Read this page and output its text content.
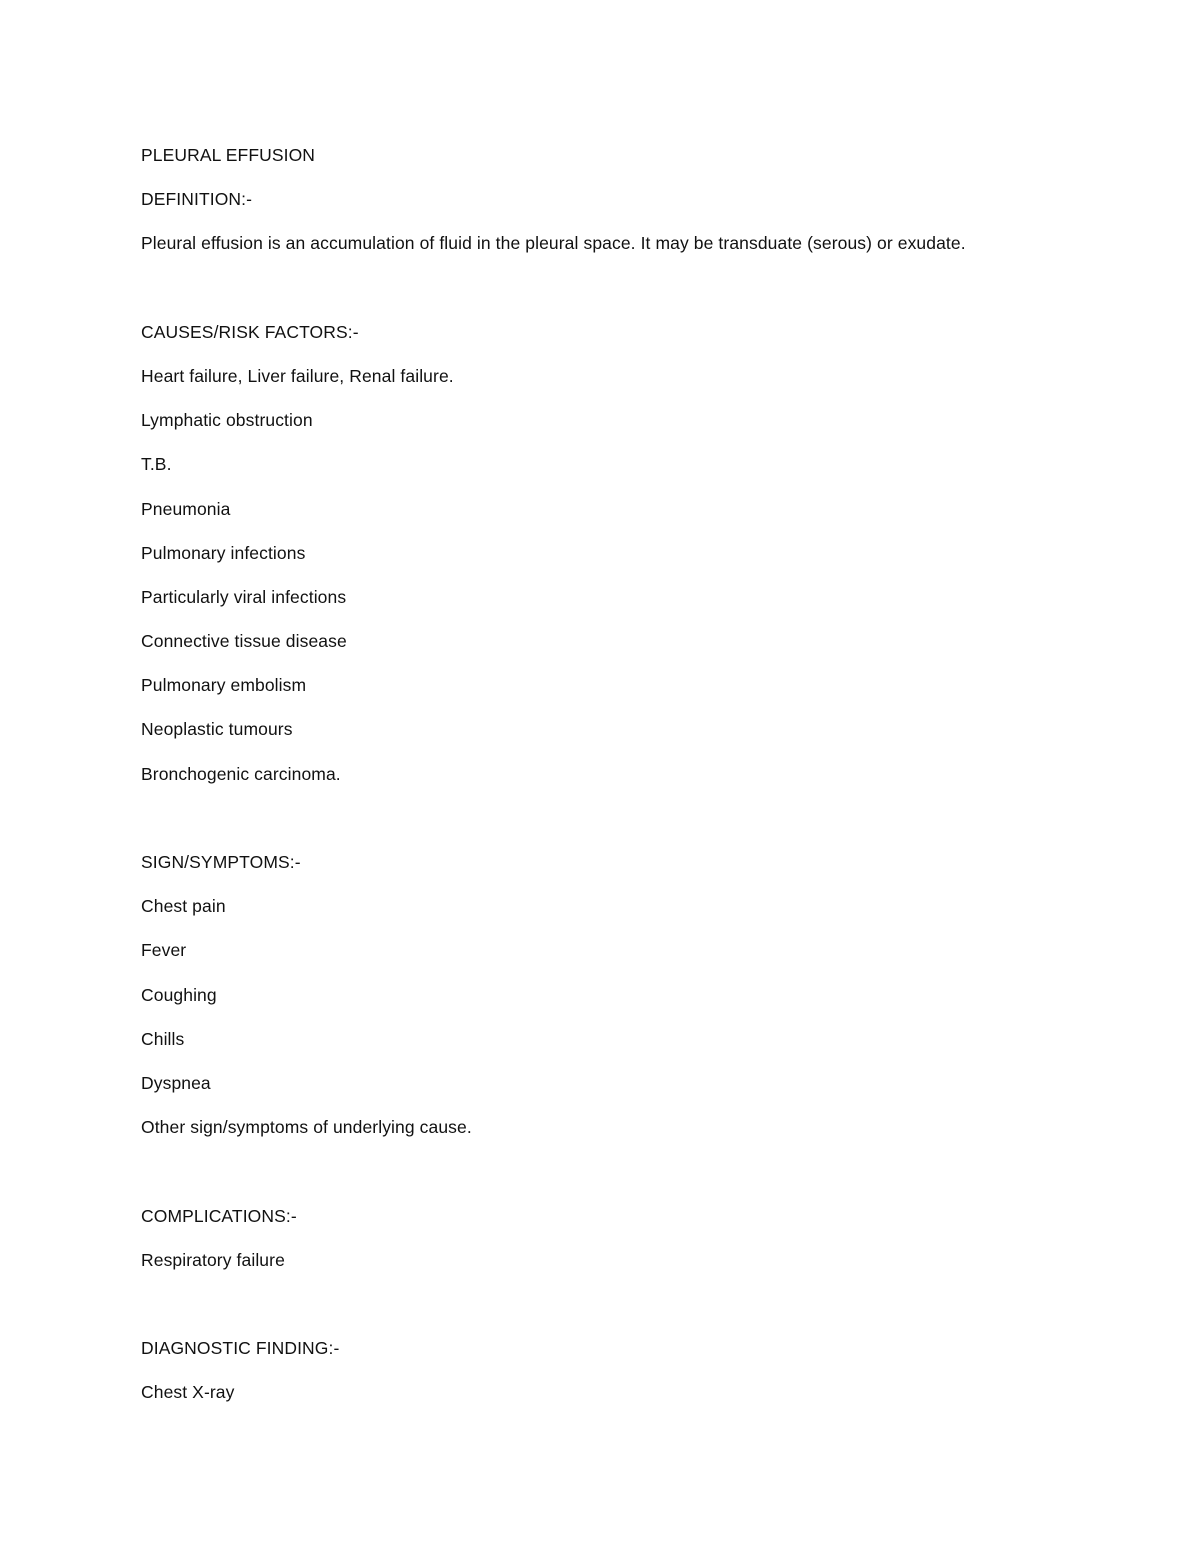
PLEURAL EFFUSION
DEFINITION:-
Pleural effusion is an accumulation of fluid in the pleural space. It may be transduate (serous) or exudate.
CAUSES/RISK FACTORS:-
Heart failure, Liver failure, Renal failure.
Lymphatic obstruction
T.B.
Pneumonia
Pulmonary infections
Particularly viral infections
Connective tissue disease
Pulmonary embolism
Neoplastic tumours
Bronchogenic carcinoma.
SIGN/SYMPTOMS:-
Chest pain
Fever
Coughing
Chills
Dyspnea
Other sign/symptoms of underlying cause.
COMPLICATIONS:-
Respiratory failure
DIAGNOSTIC FINDING:-
Chest X-ray
